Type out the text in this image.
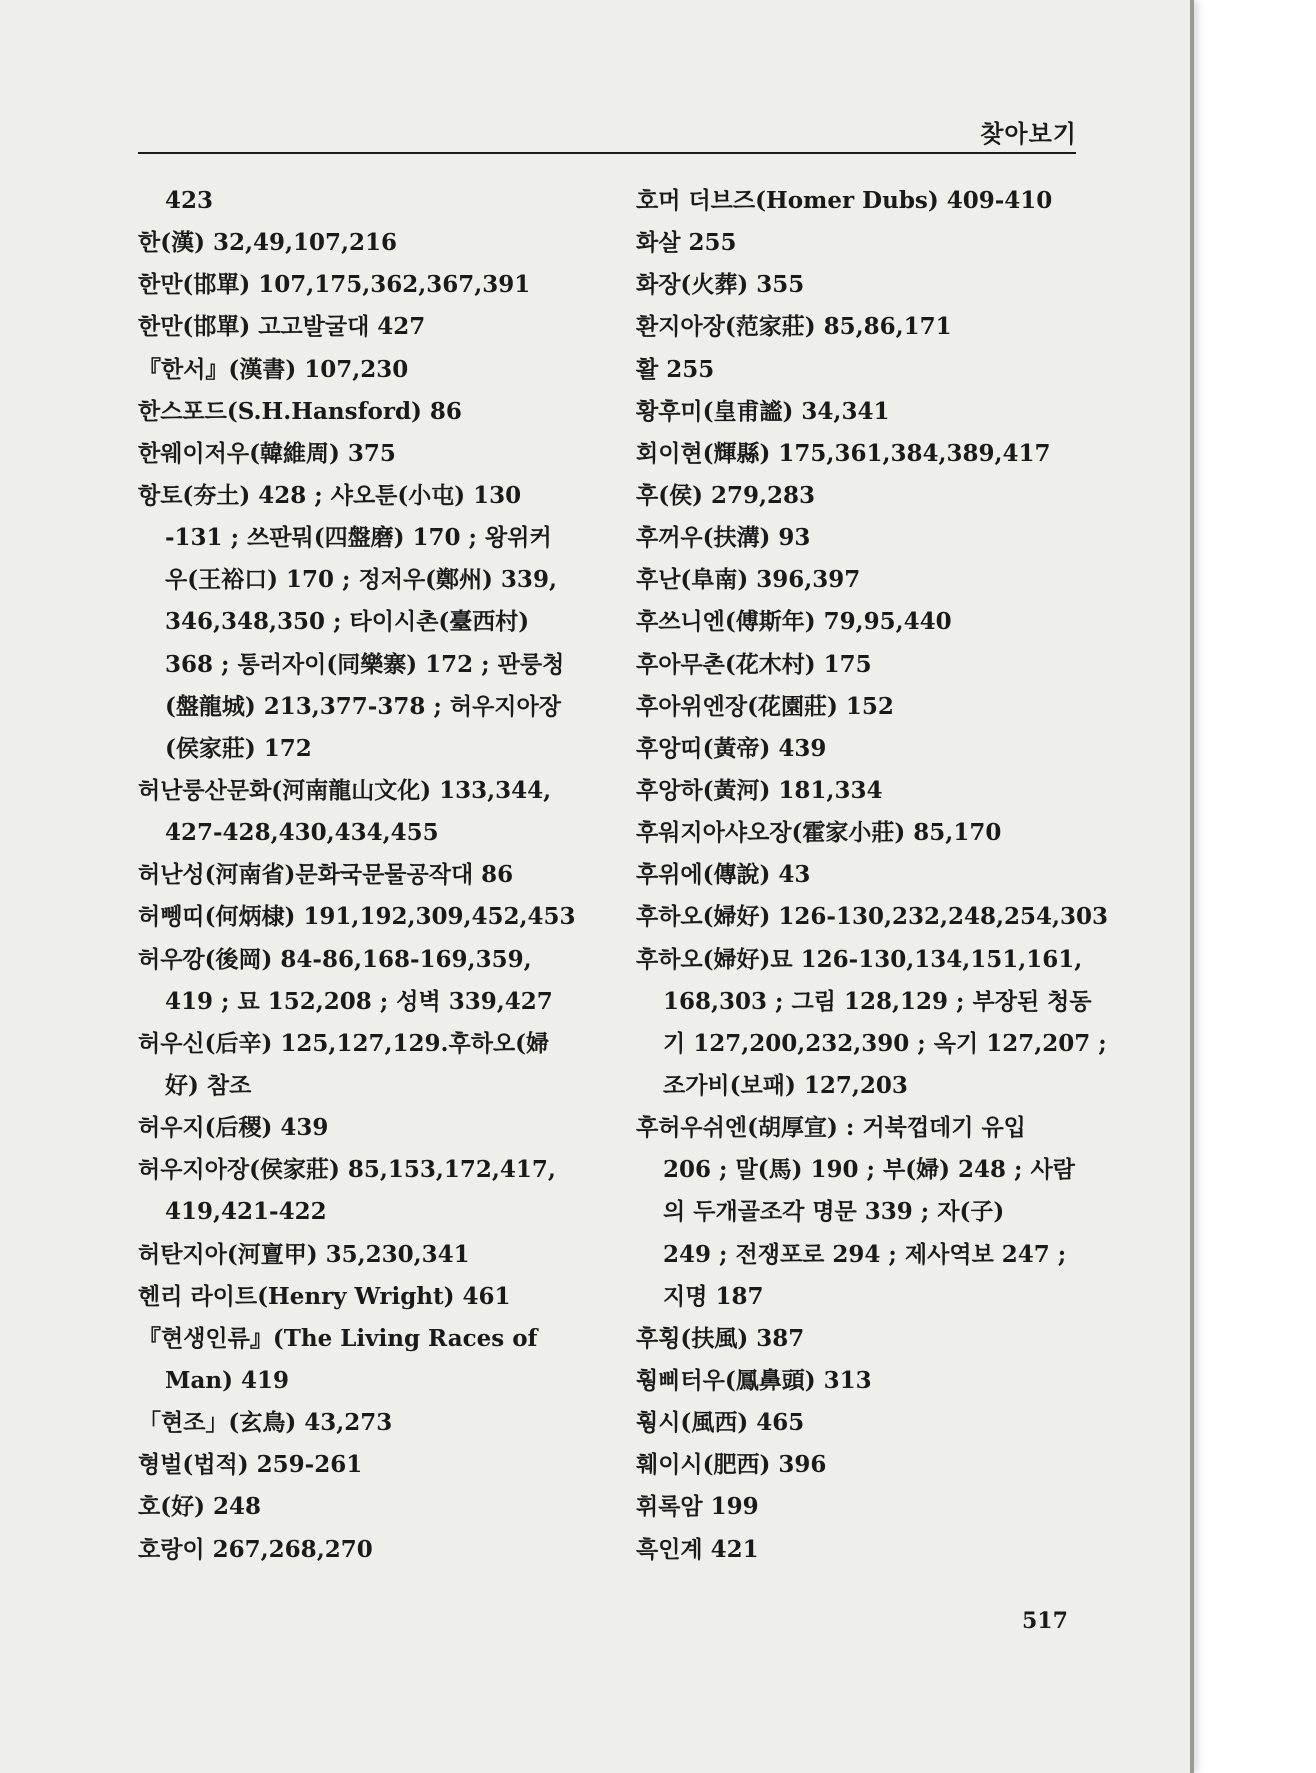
찾아보기
423
한(漢) 32,49,107,216
한만(邯單) 107,175,362,367,391
한만(邯單) 고고발굴대 427
『한서』(漢書) 107,230
한스포드(S.H.Hansford) 86
한웨이저우(韓維周) 375
항토(夯土) 428 ; 샤오툰(小屯) 130
-131 ; 쓰판뭐(四盤磨) 170 ; 왕위커
우(王裕口) 170 ; 정저우(鄭州) 339,
346,348,350 ; 타이시촌(臺西村)
368 ; 통러자이(同樂寨) 172 ; 판룽청
(盤龍城) 213,377-378 ; 허우지아장
(侯家莊) 172
허난룽산문화(河南龍山文化) 133,344,
427-428,430,434,455
허난성(河南省)문화국문물공작대 86
허뼁띠(何炳棣) 191,192,309,452,453
허우깡(後岡) 84-86,168-169,359,
419 ; 묘 152,208 ; 성벽 339,427
허우신(后辛) 125,127,129.후하오(婦
好) 참조
허우지(后稷) 439
허우지아장(侯家莊) 85,153,172,417,
419,421-422
허탄지아(河亶甲) 35,230,341
헨리 라이트(Henry Wright) 461
『현생인류』(The Living Races of
Man) 419
「현조」(玄鳥) 43,273
형벌(법적) 259-261
호(好) 248
호랑이 267,268,270
호머 더브즈(Homer Dubs) 409-410
화살 255
화장(火葬) 355
환지아장(范家莊) 85,86,171
활 255
황후미(皇甫謐) 34,341
회이현(輝縣) 175,361,384,389,417
후(侯) 279,283
후꺼우(扶溝) 93
후난(阜南) 396,397
후쓰니엔(傅斯年) 79,95,440
후아무촌(花木村) 175
후아위엔장(花園莊) 152
후앙띠(黃帝) 439
후앙하(黃河) 181,334
후워지아샤오장(霍家小莊) 85,170
후위에(傳說) 43
후하오(婦好) 126-130,232,248,254,303
후하오(婦好)묘 126-130,134,151,161,
168,303 ; 그림 128,129 ; 부장된 청동
기 127,200,232,390 ; 옥기 127,207 ;
조가비(보패) 127,203
후허우쉬엔(胡厚宣) : 거북껍데기 유입
206 ; 말(馬) 190 ; 부(婦) 248 ; 사람
의 두개골조각 명문 339 ; 자(子)
249 ; 전쟁포로 294 ; 제사역보 247 ;
지명 187
후횡(扶風) 387
훵삐터우(鳳鼻頭) 313
훵시(風西) 465
훼이시(肥西) 396
휘록암 199
흑인계 421
517
